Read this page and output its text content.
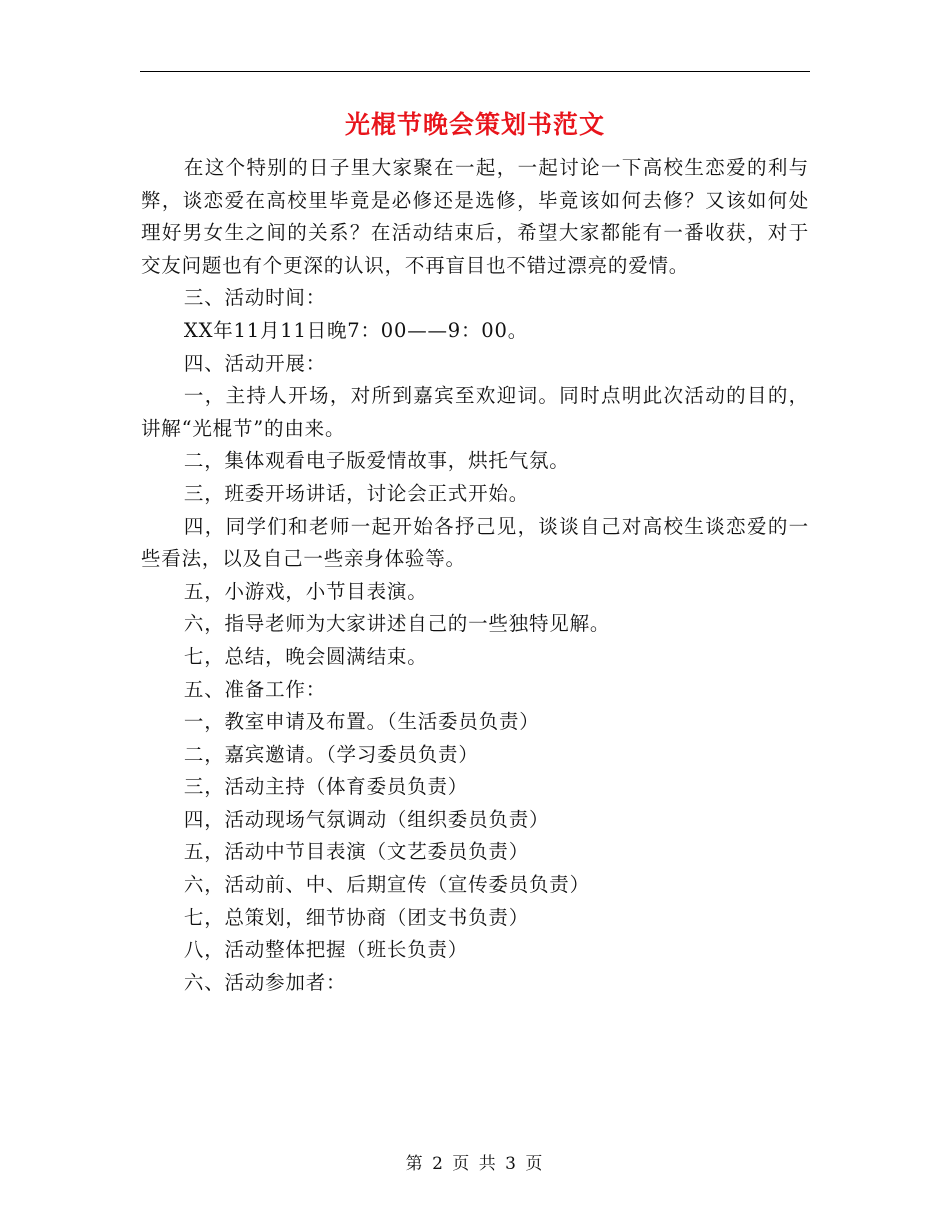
光棍节晚会策划书范文

在这个特别的日子里大家聚在一起，一起讨论一下高校生恋爱的利与弊，谈恋爱在高校里毕竟是必修还是选修，毕竟该如何去修？又该如何处理好男女生之间的关系？在活动结束后，希望大家都能有一番收获，对于交友问题也有个更深的认识，不再盲目也不错过漂亮的爱情。

三、活动时间：

XX年11月11日晚7：00——9：00。

四、活动开展：

一，主持人开场，对所到嘉宾至欢迎词。同时点明此次活动的目的，讲解“光棍节”的由来。

二，集体观看电子版爱情故事，烘托气氛。

三，班委开场讲话，讨论会正式开始。

四，同学们和老师一起开始各抒己见，谈谈自己对高校生谈恋爱的一些看法，以及自己一些亲身体验等。

五，小游戏，小节目表演。

六，指导老师为大家讲述自己的一些独特见解。

七，总结，晚会圆满结束。

五、准备工作：

一，教室申请及布置。（生活委员负责）

二，嘉宾邀请。（学习委员负责）

三，活动主持（体育委员负责）

四，活动现场气氛调动（组织委员负责）

五，活动中节目表演（文艺委员负责）

六，活动前、中、后期宣传（宣传委员负责）

七，总策划，细节协商（团支书负责）

八，活动整体把握（班长负责）

六、活动参加者：

第 2 页 共 3 页
